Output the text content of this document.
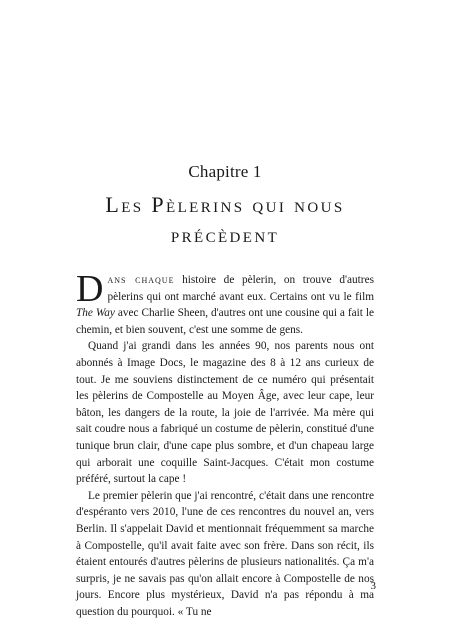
Chapitre 1
Les Pèlerins qui nous
précèdent

Dans chaque histoire de pèlerin, on trouve d'autres pèlerins qui ont marché avant eux. Certains ont vu le film The Way avec Charlie Sheen, d'autres ont une cousine qui a fait le chemin, et bien souvent, c'est une somme de gens.

Quand j'ai grandi dans les années 90, nos parents nous ont abonnés à Image Docs, le magazine des 8 à 12 ans curieux de tout. Je me souviens distinctement de ce numéro qui présentait les pèlerins de Compostelle au Moyen Âge, avec leur cape, leur bâton, les dangers de la route, la joie de l'arrivée. Ma mère qui sait coudre nous a fabriqué un costume de pèlerin, constitué d'une tunique brun clair, d'une cape plus sombre, et d'un chapeau large qui arborait une coquille Saint-Jacques. C'était mon costume préféré, surtout la cape !

Le premier pèlerin que j'ai rencontré, c'était dans une rencontre d'espéranto vers 2010, l'une de ces rencontres du nouvel an, vers Berlin. Il s'appelait David et mentionnait fréquemment sa marche à Compostelle, qu'il avait faite avec son frère. Dans son récit, ils étaient entourés d'autres pèlerins de plusieurs nationalités. Ça m'a surpris, je ne savais pas qu'on allait encore à Compostelle de nos jours. Encore plus mystérieux, David n'a pas répondu à ma question du pourquoi. « Tu ne

3
